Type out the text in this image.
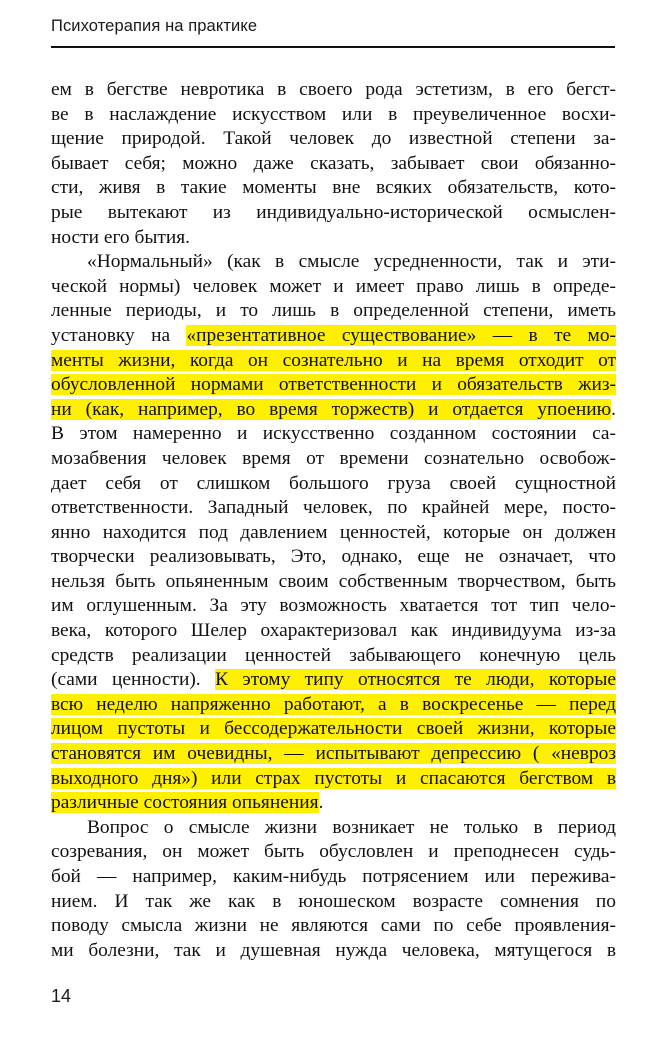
Психотерапия на практике
ем в бегстве невротика в своего рода эстетизм, в его бегст-
ве в наслаждение искусством или в преувеличенное восхи-
щение природой. Такой человек до известной степени за-
бывает себя; можно даже сказать, забывает свои обязанно-
сти, живя в такие моменты вне всяких обязательств, кото-
рые вытекают из индивидуально-исторической осмыслен-
ности его бытия.
«Нормальный» (как в смысле усредненности, так и эти-
ческой нормы) человек может и имеет право лишь в опреде-
ленные периоды, и то лишь в определенной степени, иметь
установку на «презентативное существование» — в те мо-
менты жизни, когда он сознательно и на время отходит от
обусловленной нормами ответственности и обязательств жиз-
ни (как, например, во время торжеств) и отдается упоению.
В этом намеренно и искусственно созданном состоянии са-
мозабвения человек время от времени сознательно освобож-
дает себя от слишком большого груза своей сущностной
ответственности. Западный человек, по крайней мере, посто-
янно находится под давлением ценностей, которые он должен
творчески реализовывать, Это, однако, еще не означает, что
нельзя быть опьяненным своим собственным творчеством, быть
им оглушенным. За эту возможность хватается тот тип чело-
века, которого Шелер охарактеризовал как индивидуума из-за
средств реализации ценностей забывающего конечную цель
(сами ценности). К этому типу относятся те люди, которые
всю неделю напряженно работают, а в воскресенье — перед
лицом пустоты и бессодержательности своей жизни, которые
становятся им очевидны, — испытывают депрессию ( «невроз
выходного дня») или страх пустоты и спасаются бегством в
различные состояния опьянения.
Вопрос о смысле жизни возникает не только в период
созревания, он может быть обусловлен и преподнесен судь-
бой — например, каким-нибудь потрясением или пережива-
нием. И так же как в юношеском возрасте сомнения по
поводу смысла жизни не являются сами по себе проявления-
ми болезни, так и душевная нужда человека, мятущегося в
14
